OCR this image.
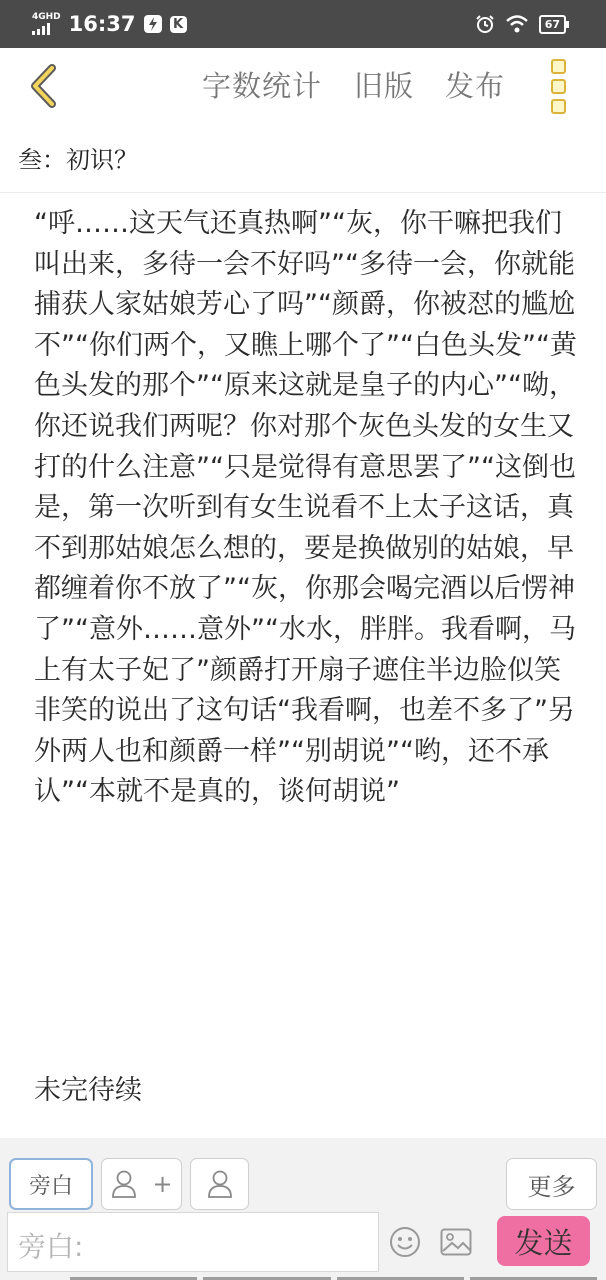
4GHD 16:37	K	67
字数统计 旧版 发布
叁：初识？

“呼……这天气还真热啊”“灰，你干嘛把我们叫出来，多待一会不好吗”“多待一会，你就能捕获人家姑娘芳心了吗”“颜爵，你被怼的尴尬不”“你们两个，又瞧上哪个了”“白色头发”“黄色头发的那个”“原来这就是皇子的内心”“呦，你还说我们两呢？你对那个灰色头发的女生又打的什么注意”“只是觉得有意思罢了”“这倒也是，第一次听到有女生说看不上太子这话，真不到那姑娘怎么想的，要是换做别的姑娘，早都缠着你不放了”“灰，你那会喝完酒以后愣神了”“意外……意外”“水水，胖胖。我看啊，马上有太子妃了”颜爵打开扇子遮住半边脸似笑非笑的说出了这句话“我看啊，也差不多了”另外两人也和颜爵一样”“别胡说”“哟，还不承认”“本就不是真的，谈何胡说”

未完待续
旁白	+	更多
旁白:	发送
